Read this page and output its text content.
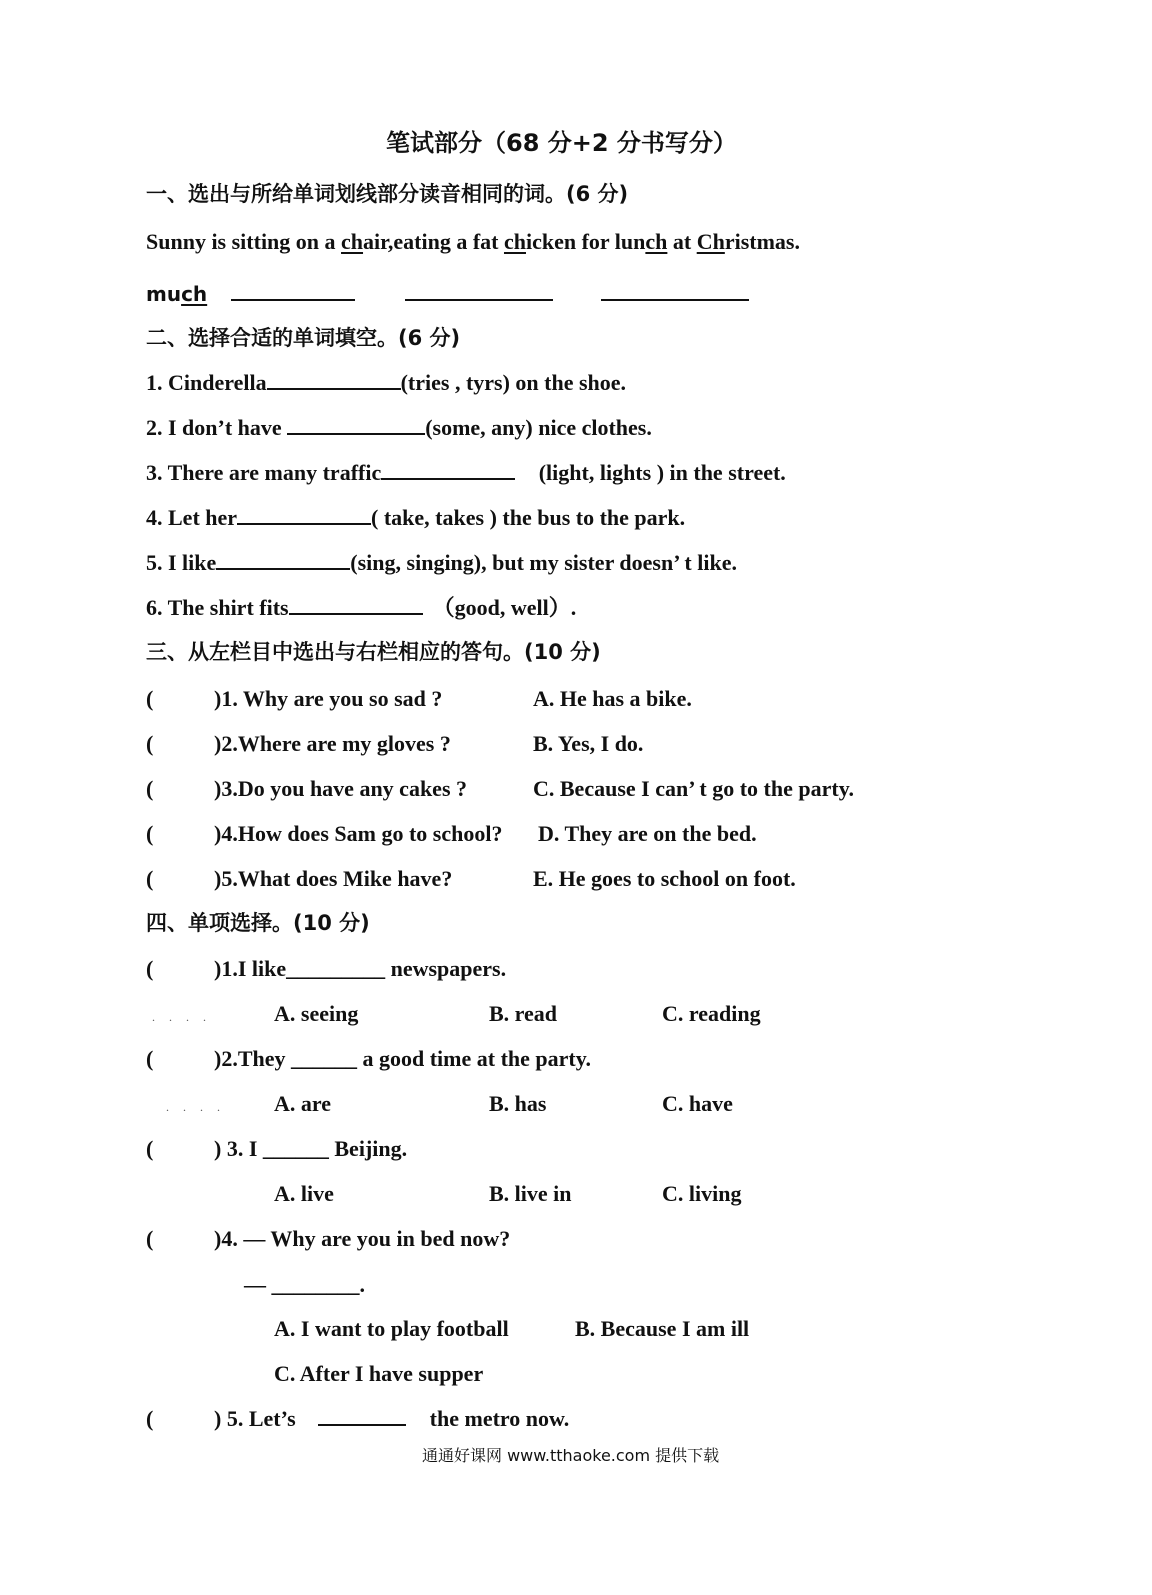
笔试部分（68 分+2 分书写分）
一、选出与所给单词划线部分读音相同的词。(6 分)
Sunny is sitting on a chair,eating a fat chicken for lunch at Christmas.
much
二、选择合适的单词填空。(6 分)
1. Cinderella	(tries , tyrs) on the shoe.
2. I don’t have	(some, any) nice clothes.
3. There are many traffic	(light, lights ) in the street.
4. Let her	( take, takes ) the bus to the park.
5. I like	(sing, singing), but my sister doesn’ t like.
6. The shirt fits	（good, well）.
三、从左栏目中选出与右栏相应的答句。(10 分)
(	)1. Why are you so sad ?	A. He has a bike.
(	)2.Where are my gloves ?	B. Yes, I do.
(	)3.Do you have any cakes ?	C. Because I can’ t go to the party.
(	)4.How does Sam go to school? D. They are on the bed.
(	)5.What does Mike have?	E. He goes to school on foot.
四、单项选择。(10 分)
(	)1.I like_________ newspapers.
.... A. seeing	B. read	C. reading
(	)2.They ______ a good time at the party.
.... A. are	B. has	C. have
(	) 3. I ______ Beijing.
A. live	B. live in	C. living
(	)4. — Why are you in bed now?
— ________.
A. I want to play football	B. Because I am ill
C. After I have supper
(	) 5. Let’s	the metro now.
通通好课网 www.tthaoke.com 提供下载
